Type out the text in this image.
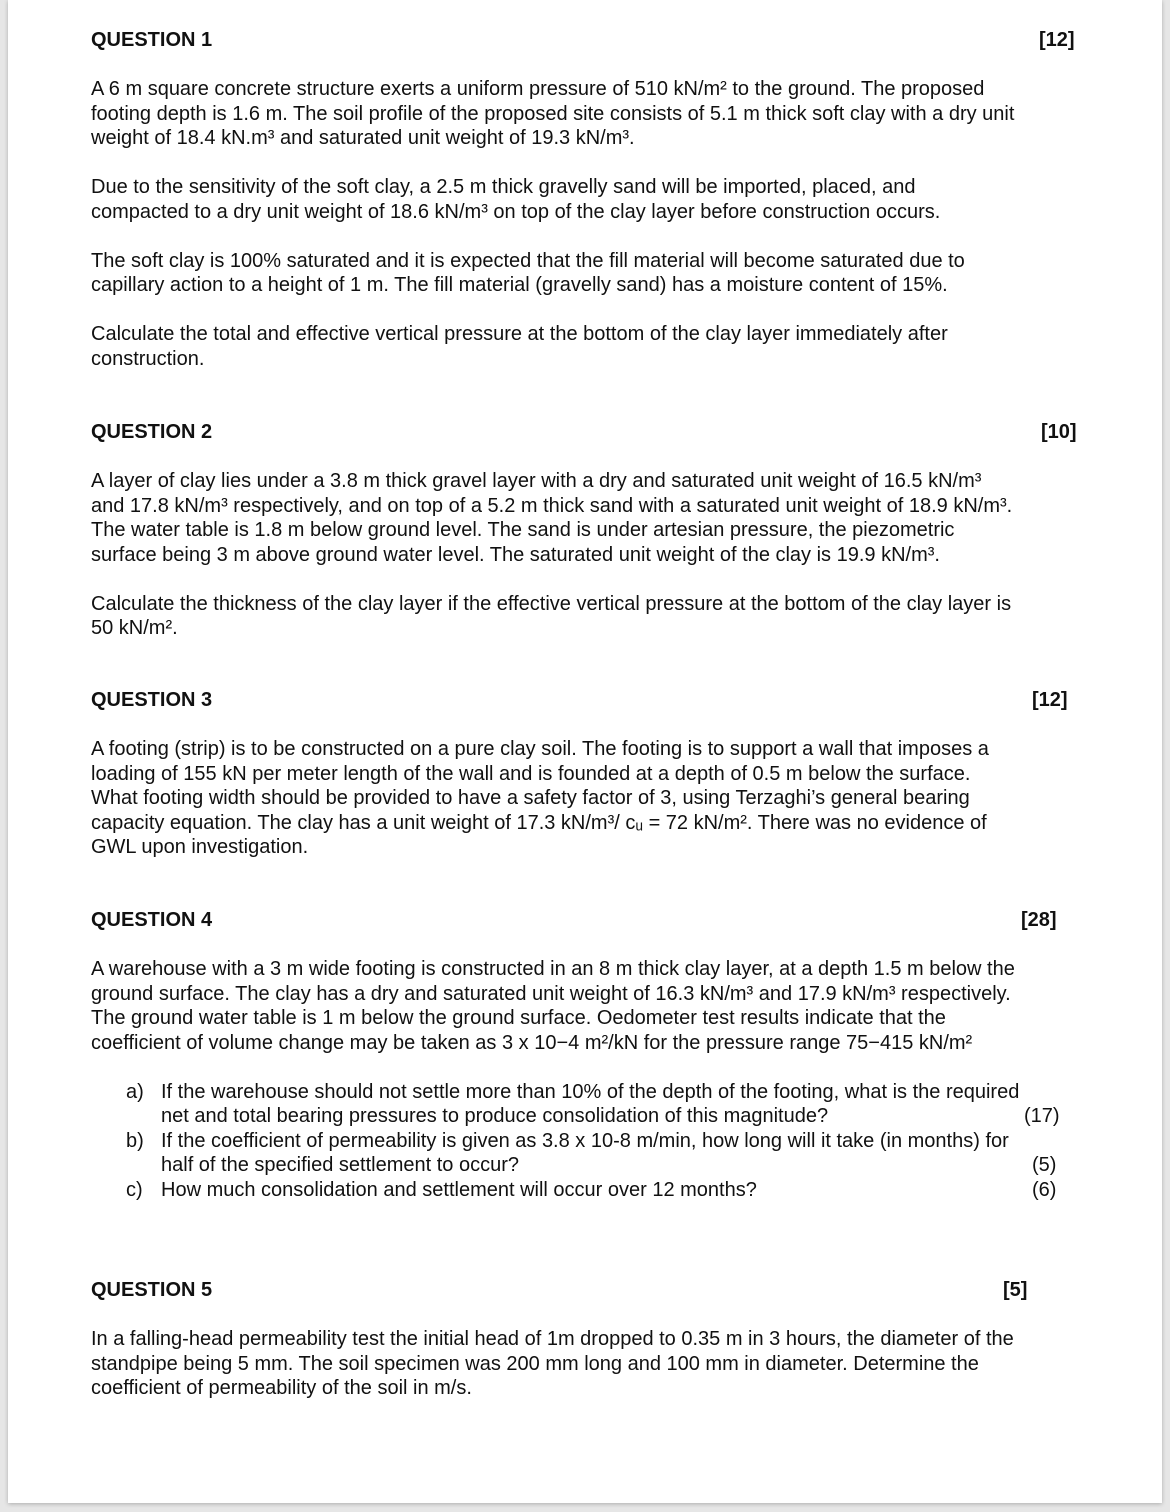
QUESTION 1	[12]

A 6 m square concrete structure exerts a uniform pressure of 510 kN/m² to the ground. The proposed
footing depth is 1.6 m. The soil profile of the proposed site consists of 5.1 m thick soft clay with a dry unit
weight of 18.4 kN.m³ and saturated unit weight of 19.3 kN/m³.

Due to the sensitivity of the soft clay, a 2.5 m thick gravelly sand will be imported, placed, and
compacted to a dry unit weight of 18.6 kN/m³ on top of the clay layer before construction occurs.

The soft clay is 100% saturated and it is expected that the fill material will become saturated due to
capillary action to a height of 1 m. The fill material (gravelly sand) has a moisture content of 15%.

Calculate the total and effective vertical pressure at the bottom of the clay layer immediately after
construction.

QUESTION 2	[10]

A layer of clay lies under a 3.8 m thick gravel layer with a dry and saturated unit weight of 16.5 kN/m³
and 17.8 kN/m³ respectively, and on top of a 5.2 m thick sand with a saturated unit weight of 18.9 kN/m³.
The water table is 1.8 m below ground level. The sand is under artesian pressure, the piezometric
surface being 3 m above ground water level. The saturated unit weight of the clay is 19.9 kN/m³.

Calculate the thickness of the clay layer if the effective vertical pressure at the bottom of the clay layer is
50 kN/m².

QUESTION 3	[12]

A footing (strip) is to be constructed on a pure clay soil. The footing is to support a wall that imposes a
loading of 155 kN per meter length of the wall and is founded at a depth of 0.5 m below the surface.
What footing width should be provided to have a safety factor of 3, using Terzaghi’s general bearing
capacity equation. The clay has a unit weight of 17.3 kN/m³/ cᵤ = 72 kN/m². There was no evidence of
GWL upon investigation.

QUESTION 4	[28]

A warehouse with a 3 m wide footing is constructed in an 8 m thick clay layer, at a depth 1.5 m below the
ground surface. The clay has a dry and saturated unit weight of 16.3 kN/m³ and 17.9 kN/m³ respectively.
The ground water table is 1 m below the ground surface. Oedometer test results indicate that the
coefficient of volume change may be taken as 3 x 10−4 m²/kN for the pressure range 75−415 kN/m²

a) If the warehouse should not settle more than 10% of the depth of the footing, what is the required
net and total bearing pressures to produce consolidation of this magnitude?	(17)
b) If the coefficient of permeability is given as 3.8 x 10-8 m/min, how long will it take (in months) for
half of the specified settlement to occur?	(5)
c) How much consolidation and settlement will occur over 12 months?	(6)
QUESTION 5	[5]

In a falling-head permeability test the initial head of 1m dropped to 0.35 m in 3 hours, the diameter of the
standpipe being 5 mm. The soil specimen was 200 mm long and 100 mm in diameter. Determine the
coefficient of permeability of the soil in m/s.
